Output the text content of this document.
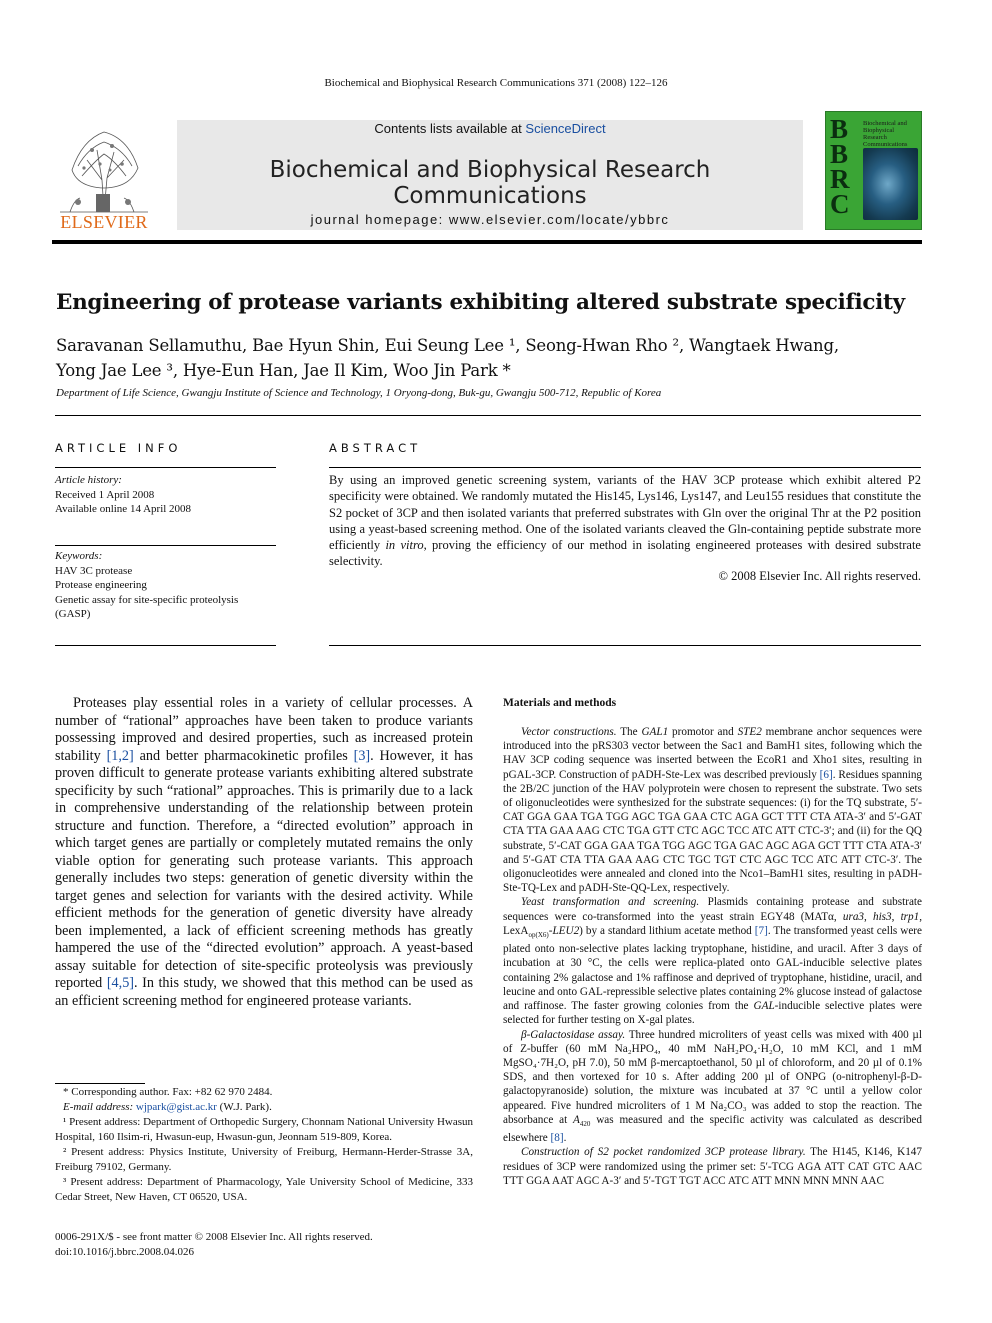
Biochemical and Biophysical Research Communications 371 (2008) 122–126
ELSEVIER
Contents lists available at ScienceDirect
Biochemical and Biophysical Research Communications
journal homepage: www.elsevier.com/locate/ybbrc
B
B
R
C
Biochemical and Biophysical Research Communications
Engineering of protease variants exhibiting altered substrate specificity
Saravanan Sellamuthu, Bae Hyun Shin, Eui Seung Lee ¹, Seong-Hwan Rho ², Wangtaek Hwang,
Yong Jae Lee ³, Hye-Eun Han, Jae Il Kim, Woo Jin Park *
Department of Life Science, Gwangju Institute of Science and Technology, 1 Oryong-dong, Buk-gu, Gwangju 500-712, Republic of Korea
ARTICLE INFO
Article history:
Received 1 April 2008
Available online 14 April 2008
Keywords:
HAV 3C protease
Protease engineering
Genetic assay for site-specific proteolysis
(GASP)
ABSTRACT
By using an improved genetic screening system, variants of the HAV 3CP protease which exhibit altered P2 specificity were obtained. We randomly mutated the His145, Lys146, Lys147, and Leu155 residues that constitute the S2 pocket of 3CP and then isolated variants that preferred substrates with Gln over the original Thr at the P2 position using a yeast-based screening method. One of the isolated variants cleaved the Gln-containing peptide substrate more efficiently in vitro, proving the efficiency of our method in isolating engineered proteases with desired substrate selectivity.
© 2008 Elsevier Inc. All rights reserved.
Proteases play essential roles in a variety of cellular processes. A number of “rational” approaches have been taken to produce variants possessing improved and desired properties, such as increased protein stability [1,2] and better pharmacokinetic profiles [3]. However, it has proven difficult to generate protease variants exhibiting altered substrate specificity by such “rational” approaches. This is primarily due to a lack in comprehensive understanding of the relationship between protein structure and function. Therefore, a “directed evolution” approach in which target genes are partially or completely mutated remains the only viable option for generating such protease variants. This approach generally includes two steps: generation of genetic diversity within the target genes and selection for variants with the desired activity. While efficient methods for the generation of genetic diversity have already been implemented, a lack of efficient screening methods has greatly hampered the use of the “directed evolution” approach. A yeast-based assay suitable for detection of site-specific proteolysis was previously reported [4,5]. In this study, we showed that this method can be used as an efficient screening method for engineered protease variants.

* Corresponding author. Fax: +82 62 970 2484.

E-mail address: wjpark@gist.ac.kr (W.J. Park).

¹ Present address: Department of Orthopedic Surgery, Chonnam National University Hwasun Hospital, 160 Ilsim-ri, Hwasun-eup, Hwasun-gun, Jeonnam 519-809, Korea.

² Present address: Physics Institute, University of Freiburg, Hermann-Herder-Strasse 3A, Freiburg 79102, Germany.

³ Present address: Department of Pharmacology, Yale University School of Medicine, 333 Cedar Street, New Haven, CT 06520, USA.

0006-291X/$ - see front matter © 2008 Elsevier Inc. All rights reserved.
doi:10.1016/j.bbrc.2008.04.026
Materials and methods

Vector constructions. The GAL1 promotor and STE2 membrane anchor sequences were introduced into the pRS303 vector between the Sac1 and BamH1 sites, following which the HAV 3CP coding sequence was inserted between the EcoR1 and Xho1 sites, resulting in pGAL-3CP. Construction of pADH-Ste-Lex was described previously [6]. Residues spanning the 2B/2C junction of the HAV polyprotein were chosen to represent the substrate. Two sets of oligonucleotides were synthesized for the substrate sequences: (i) for the TQ substrate, 5′-CAT GGA GAA TGA TGG AGC TGA GAA CTC AGA GCT TTT CTA ATA-3′ and 5′-GAT CTA TTA GAA AAG CTC TGA GTT CTC AGC TCC ATC ATT CTC-3′; and (ii) for the QQ substrate, 5′-CAT GGA GAA TGA TGG AGC TGA GAC AGC AGA GCT TTT CTA ATA-3′ and 5′-GAT CTA TTA GAA AAG CTC TGC TGT CTC AGC TCC ATC ATT CTC-3′. The oligonucleotides were annealed and cloned into the Nco1–BamH1 sites, resulting in pADH-Ste-TQ-Lex and pADH-Ste-QQ-Lex, respectively.

Yeast transformation and screening. Plasmids containing protease and substrate sequences were co-transformed into the yeast strain EGY48 (MATα, ura3, his3, trp1, LexA$_{op(X6)}$-LEU2) by a standard lithium acetate method [7]. The transformed yeast cells were plated onto non-selective plates lacking tryptophane, histidine, and uracil. After 3 days of incubation at 30 °C, the cells were replica-plated onto GAL-inducible selective plates containing 2% galactose and 1% raffinose and deprived of tryptophane, histidine, uracil, and leucine and onto GAL-repressible selective plates containing 2% glucose instead of galactose and raffinose. The faster growing colonies from the GAL-inducible selective plates were selected for further testing on X-gal plates.

β-Galactosidase assay. Three hundred microliters of yeast cells was mixed with 400 µl of Z-buffer (60 mM Na₂HPO₄, 40 mM NaH₂PO₄·H₂O, 10 mM KCl, and 1 mM MgSO₄·7H₂O, pH 7.0), 50 mM β-mercaptoethanol, 50 µl of chloroform, and 20 µl of 0.1% SDS, and then vortexed for 10 s. After adding 200 µl of ONPG (o-nitrophenyl-β-D-galactopyranoside) solution, the mixture was incubated at 37 °C until a yellow color appeared. Five hundred microliters of 1 M Na₂CO₃ was added to stop the reaction. The absorbance at $A_{420}$ was measured and the specific activity was calculated as described elsewhere [8].

Construction of S2 pocket randomized 3CP protease library. The H145, K146, K147 residues of 3CP were randomized using the primer set: 5′-TCG AGA ATT CAT GTC AAC TTT GGA AAT AGC A-3′ and 5′-TGT TGT ACC ATC ATT MNN MNN MNN AAC
